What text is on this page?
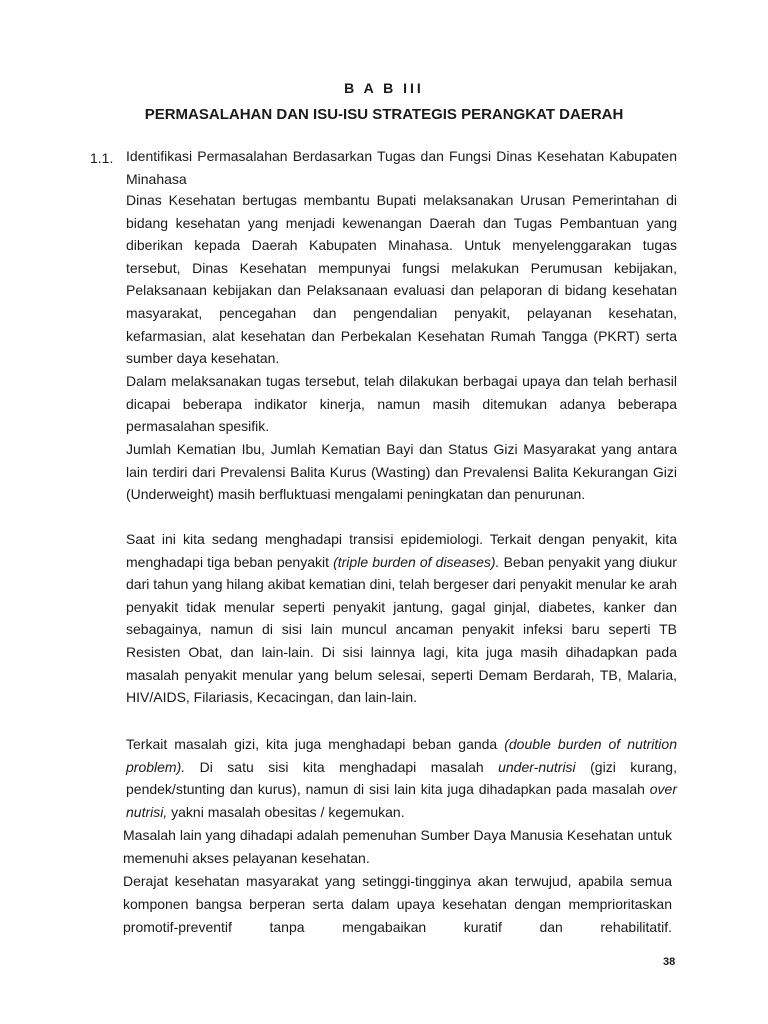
B A B III
PERMASALAHAN DAN ISU-ISU STRATEGIS PERANGKAT DAERAH
1.1. Identifikasi Permasalahan Berdasarkan Tugas dan Fungsi Dinas Kesehatan Kabupaten Minahasa

Dinas Kesehatan bertugas membantu Bupati melaksanakan Urusan Pemerintahan di bidang kesehatan yang menjadi kewenangan Daerah dan Tugas Pembantuan yang diberikan kepada Daerah Kabupaten Minahasa. Untuk menyelenggarakan tugas tersebut, Dinas Kesehatan mempunyai fungsi melakukan Perumusan kebijakan, Pelaksanaan kebijakan dan Pelaksanaan evaluasi dan pelaporan di bidang kesehatan masyarakat, pencegahan dan pengendalian penyakit, pelayanan kesehatan, kefarmasian, alat kesehatan dan Perbekalan Kesehatan Rumah Tangga (PKRT) serta sumber daya kesehatan.

Dalam melaksanakan tugas tersebut, telah dilakukan berbagai upaya dan telah berhasil dicapai beberapa indikator kinerja, namun masih ditemukan adanya beberapa permasalahan spesifik.

Jumlah Kematian Ibu, Jumlah Kematian Bayi dan Status Gizi Masyarakat yang antara lain terdiri dari Prevalensi Balita Kurus (Wasting) dan Prevalensi Balita Kekurangan Gizi (Underweight) masih berfluktuasi mengalami peningkatan dan penurunan.

Saat ini kita sedang menghadapi transisi epidemiologi. Terkait dengan penyakit, kita menghadapi tiga beban penyakit (triple burden of diseases). Beban penyakit yang diukur dari tahun yang hilang akibat kematian dini, telah bergeser dari penyakit menular ke arah penyakit tidak menular seperti penyakit jantung, gagal ginjal, diabetes, kanker dan sebagainya, namun di sisi lain muncul ancaman penyakit infeksi baru seperti TB Resisten Obat, dan lain-lain. Di sisi lainnya lagi, kita juga masih dihadapkan pada masalah penyakit menular yang belum selesai, seperti Demam Berdarah, TB, Malaria, HIV/AIDS, Filariasis, Kecacingan, dan lain-lain.

Terkait masalah gizi, kita juga menghadapi beban ganda (double burden of nutrition problem). Di satu sisi kita menghadapi masalah under-nutrisi (gizi kurang, pendek/stunting dan kurus), namun di sisi lain kita juga dihadapkan pada masalah over nutrisi, yakni masalah obesitas / kegemukan.

Masalah lain yang dihadapi adalah pemenuhan Sumber Daya Manusia Kesehatan untuk memenuhi akses pelayanan kesehatan.

Derajat kesehatan masyarakat yang setinggi-tingginya akan terwujud, apabila semua komponen bangsa berperan serta dalam upaya kesehatan dengan memprioritaskan promotif-preventif tanpa mengabaikan kuratif dan rehabilitatif.

38
